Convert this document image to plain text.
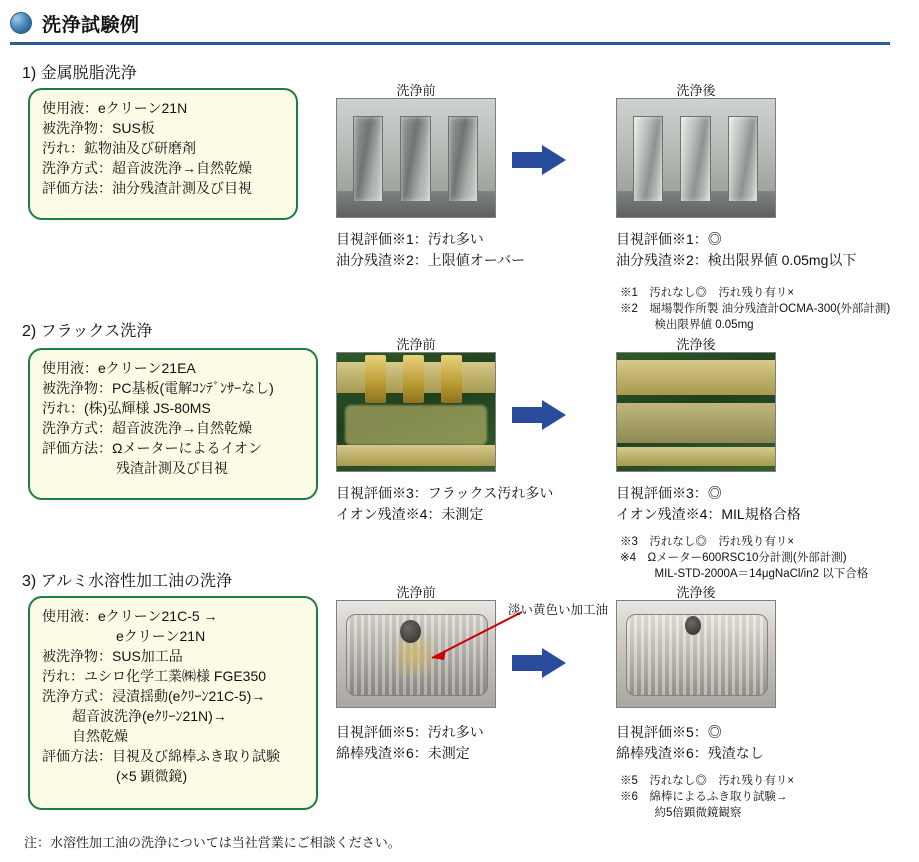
洗浄試験例
1) 金属脱脂洗浄
使用液：eクリーン21N
被洗浄物：SUS板
汚れ：鉱物油及び研磨剤
洗浄方式：超音波洗浄→自然乾燥
評価方法：油分残渣計測及び目視
洗浄前	洗浄後
目視評価※1：汚れ多い
油分残渣※2：上限値オーバー
目視評価※1：◎
油分残渣※2：検出限界値 0.05mg以下
※1　汚れなし◎　汚れ残り有リ×
※2　堀場製作所製 油分残渣計OCMA-300(外部計測)
　　　検出限界値 0.05mg
2) フラックス洗浄
使用液：eクリーン21EA
被洗浄物：PC基板(電解ｺﾝﾃﾞﾝｻｰなし)
汚れ：(株)弘輝様 JS-80MS
洗浄方式：超音波洗浄→自然乾燥
評価方法：Ωメーターによるイオン
残渣計測及び目視
洗浄前	洗浄後
目視評価※3：フラックス汚れ多い
イオン残渣※4：未測定
目視評価※3：◎
イオン残渣※4：MIL規格合格
※3　汚れなし◎　汚れ残り有リ×
※4　Ωメーター600RSC10分計測(外部計測)
　　　MIL-STD-2000A＝14μgNaCl/in2 以下合格
3) アルミ水溶性加工油の洗浄
使用液：eクリーン21C-5 →
eクリーン21N
被洗浄物：SUS加工品
汚れ：ユシロ化学工業㈱様 FGE350
洗浄方式：浸漬揺動(eｸﾘｰﾝ21C-5)→
超音波洗浄(eｸﾘｰﾝ21N)→
自然乾燥
評価方法：目視及び綿棒ふき取り試験
(×5 顕微鏡)
洗浄前
淡い黄色い加工油
洗浄後
目視評価※5：汚れ多い
綿棒残渣※6：未測定
目視評価※5：◎
綿棒残渣※6：残渣なし
※5　汚れなし◎　汚れ残り有リ×
※6　綿棒によるふき取り試験→
　　　約5倍顕微鏡観察
注：水溶性加工油の洗浄については当社営業にご相談ください。
